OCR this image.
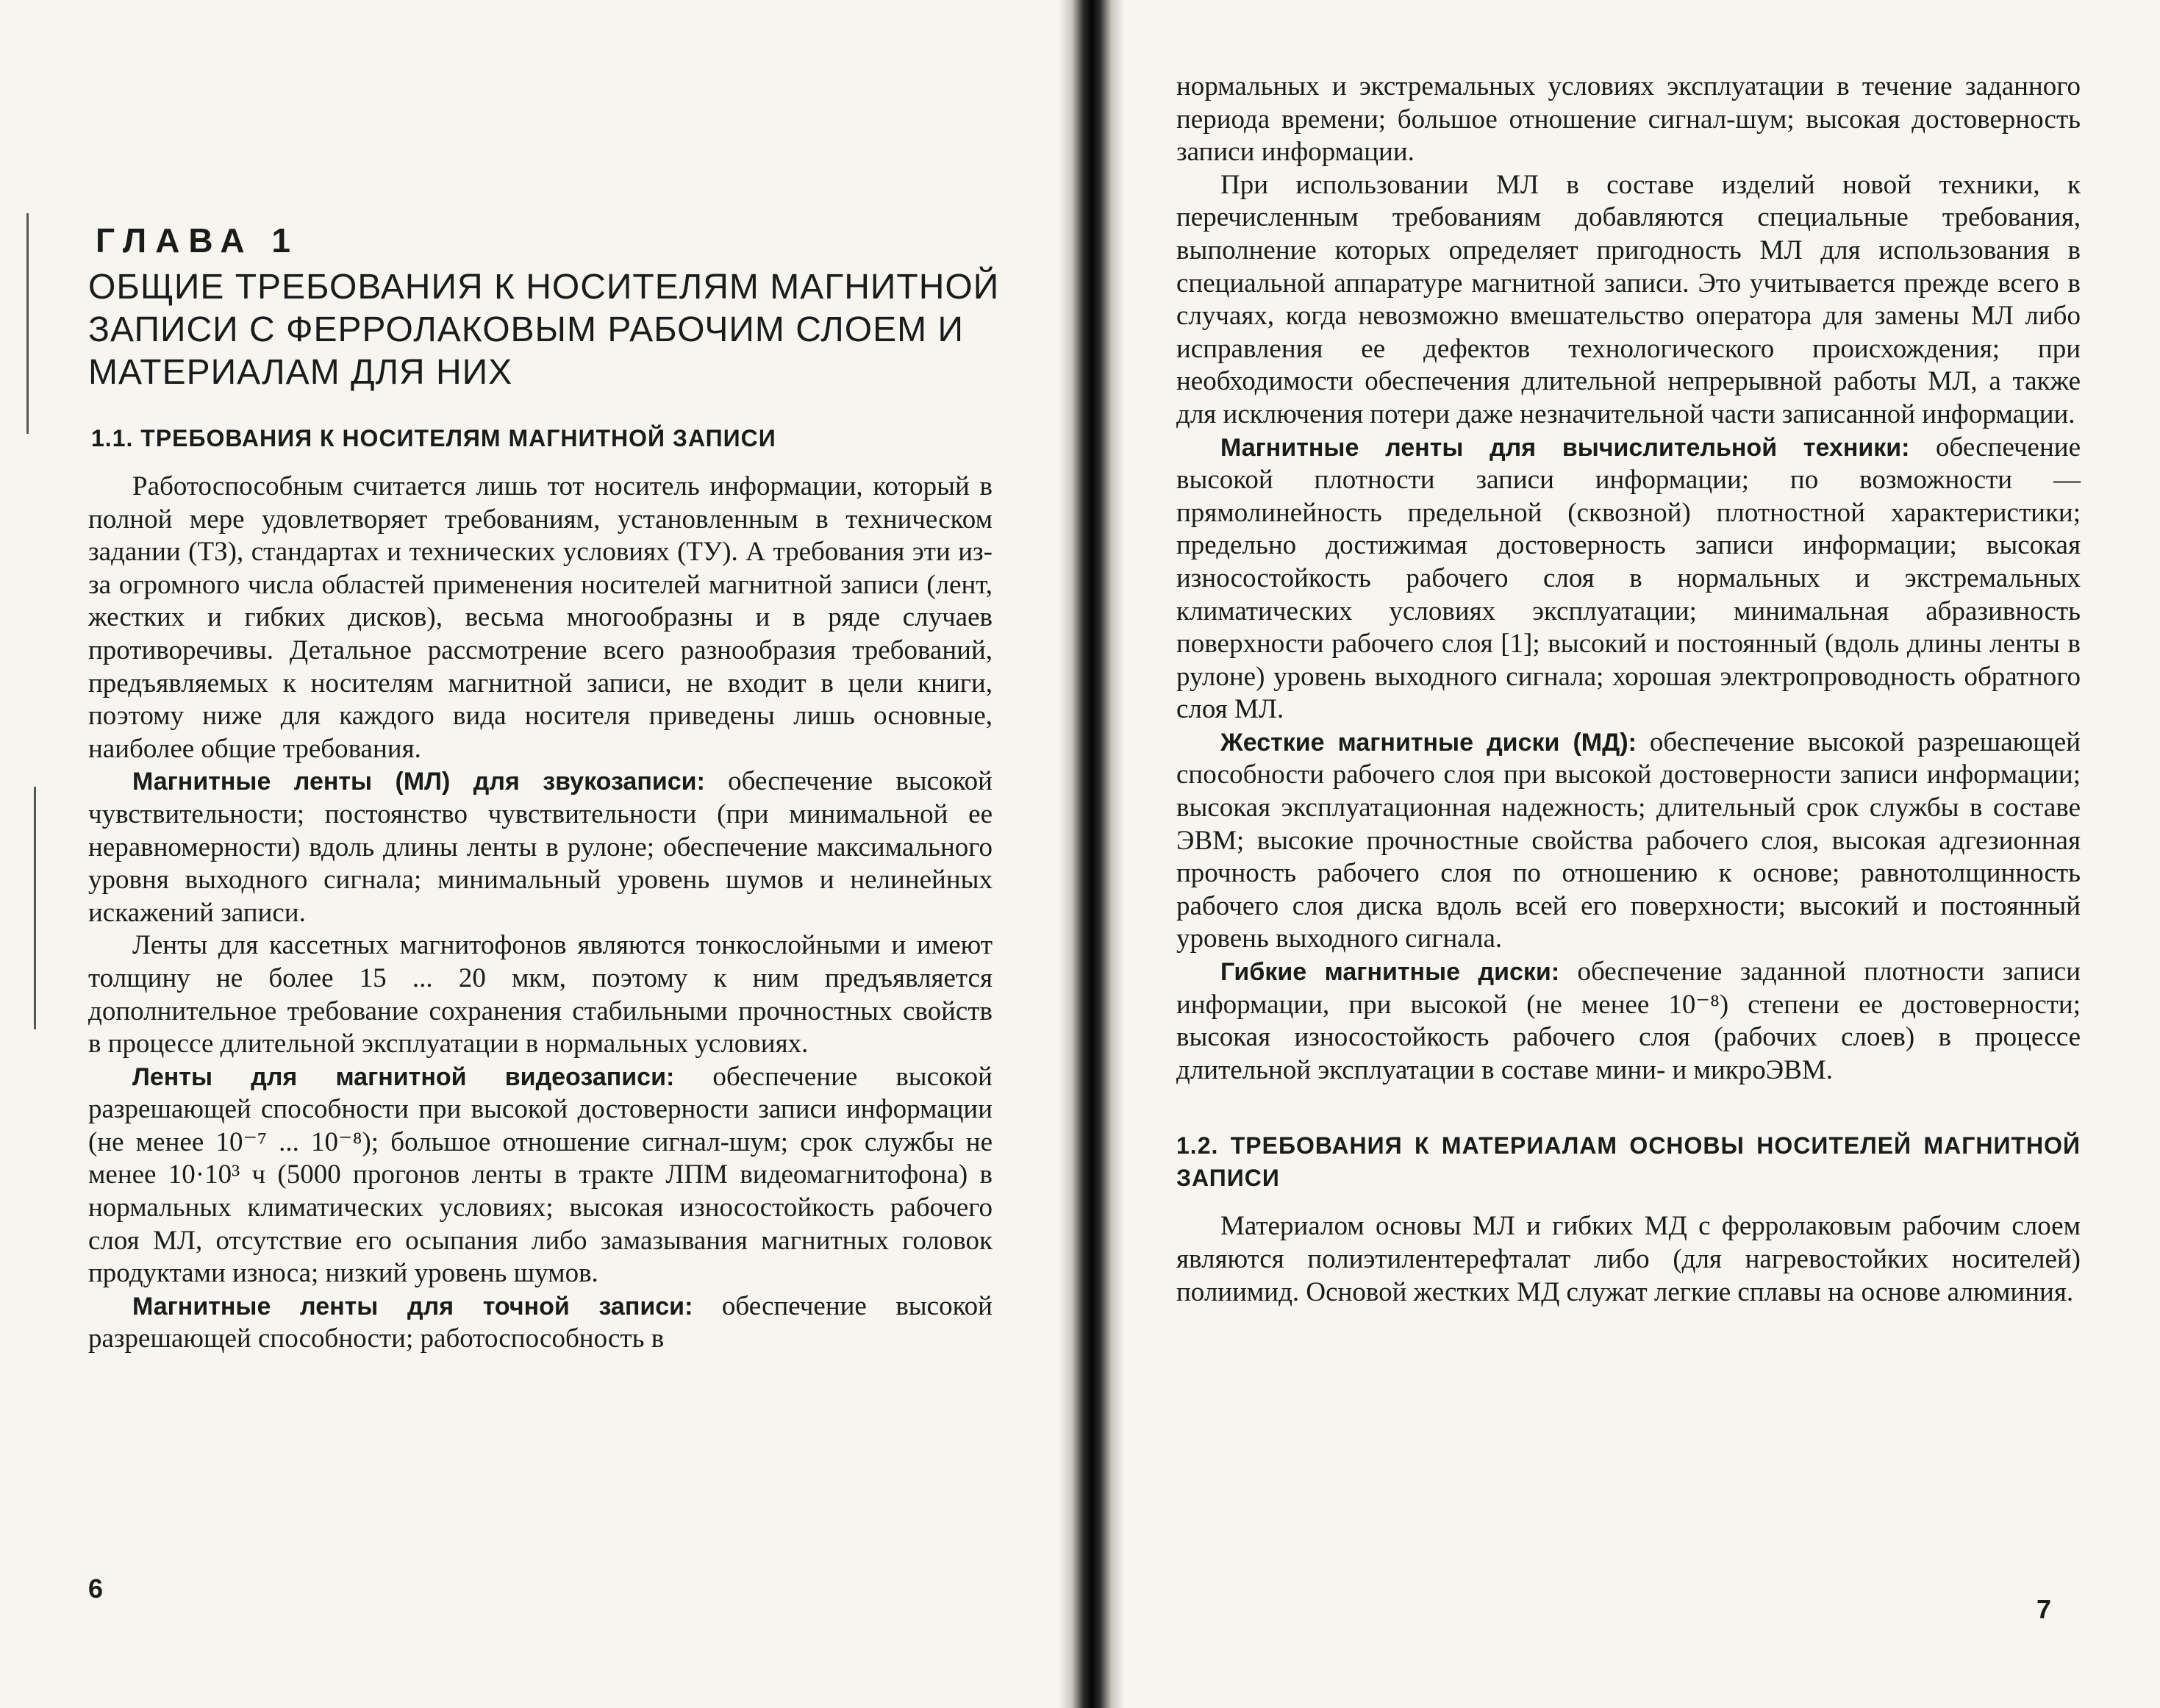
ГЛАВА 1
ОБЩИЕ ТРЕБОВАНИЯ К НОСИТЕЛЯМ МАГНИТНОЙ ЗАПИСИ С ФЕРРОЛАКОВЫМ РАБОЧИМ СЛОЕМ И МАТЕРИАЛАМ ДЛЯ НИХ
1.1. ТРЕБОВАНИЯ К НОСИТЕЛЯМ МАГНИТНОЙ ЗАПИСИ

Работоспособным считается лишь тот носитель информации, который в полной мере удовлетворяет требованиям, установленным в техническом задании (ТЗ), стандартах и технических условиях (ТУ). А требования эти из-за огромного числа областей применения носителей магнитной записи (лент, жестких и гибких дисков), весьма многообразны и в ряде случаев противоречивы. Детальное рассмотрение всего разнообразия требований, предъявляемых к носителям магнитной записи, не входит в цели книги, поэтому ниже для каждого вида носителя приведены лишь основные, наиболее общие требования.

Магнитные ленты (МЛ) для звукозаписи: обеспечение высокой чувствительности; постоянство чувствительности (при минимальной ее неравномерности) вдоль длины ленты в рулоне; обеспечение максимального уровня выходного сигнала; минимальный уровень шумов и нелинейных искажений записи.

Ленты для кассетных магнитофонов являются тонкослойными и имеют толщину не более 15 ... 20 мкм, поэтому к ним предъявляется дополнительное требование сохранения стабильными прочностных свойств в процессе длительной эксплуатации в нормальных условиях.

Ленты для магнитной видеозаписи: обеспечение высокой разрешающей способности при высокой достоверности записи информации (не менее 10⁻⁷ ... 10⁻⁸); большое отношение сигнал-шум; срок службы не менее 10·10³ ч (5000 прогонов ленты в тракте ЛПМ видеомагнитофона) в нормальных климатических условиях; высокая износостойкость рабочего слоя МЛ, отсутствие его осыпания либо замазывания магнитных головок продуктами износа; низкий уровень шумов.

Магнитные ленты для точной записи: обеспечение высокой разрешающей способности; работоспособность в

6

нормальных и экстремальных условиях эксплуатации в течение заданного периода времени; большое отношение сигнал-шум; высокая достоверность записи информации.

При использовании МЛ в составе изделий новой техники, к перечисленным требованиям добавляются специальные требования, выполнение которых определяет пригодность МЛ для использования в специальной аппаратуре магнитной записи. Это учитывается прежде всего в случаях, когда невозможно вмешательство оператора для замены МЛ либо исправления ее дефектов технологического происхождения; при необходимости обеспечения длительной непрерывной работы МЛ, а также для исключения потери даже незначительной части записанной информации.

Магнитные ленты для вычислительной техники: обеспечение высокой плотности записи информации; по возможности — прямолинейность предельной (сквозной) плотностной характеристики; предельно достижимая достоверность записи информации; высокая износостойкость рабочего слоя в нормальных и экстремальных климатических условиях эксплуатации; минимальная абразивность поверхности рабочего слоя [1]; высокий и постоянный (вдоль длины ленты в рулоне) уровень выходного сигнала; хорошая электропроводность обратного слоя МЛ.

Жесткие магнитные диски (МД): обеспечение высокой разрешающей способности рабочего слоя при высокой достоверности записи информации; высокая эксплуатационная надежность; длительный срок службы в составе ЭВМ; высокие прочностные свойства рабочего слоя, высокая адгезионная прочность рабочего слоя по отношению к основе; равнотолщинность рабочего слоя диска вдоль всей его поверхности; высокий и постоянный уровень выходного сигнала.

Гибкие магнитные диски: обеспечение заданной плотности записи информации, при высокой (не менее 10⁻⁸) степени ее достоверности; высокая износостойкость рабочего слоя (рабочих слоев) в процессе длительной эксплуатации в составе мини- и микроЭВМ.

1.2. ТРЕБОВАНИЯ К МАТЕРИАЛАМ ОСНОВЫ НОСИТЕЛЕЙ МАГНИТНОЙ ЗАПИСИ

Материалом основы МЛ и гибких МД с ферролаковым рабочим слоем являются полиэтилентерефталат либо (для нагревостойких носителей) полиимид. Основой жестких МД служат легкие сплавы на основе алюминия.

7
